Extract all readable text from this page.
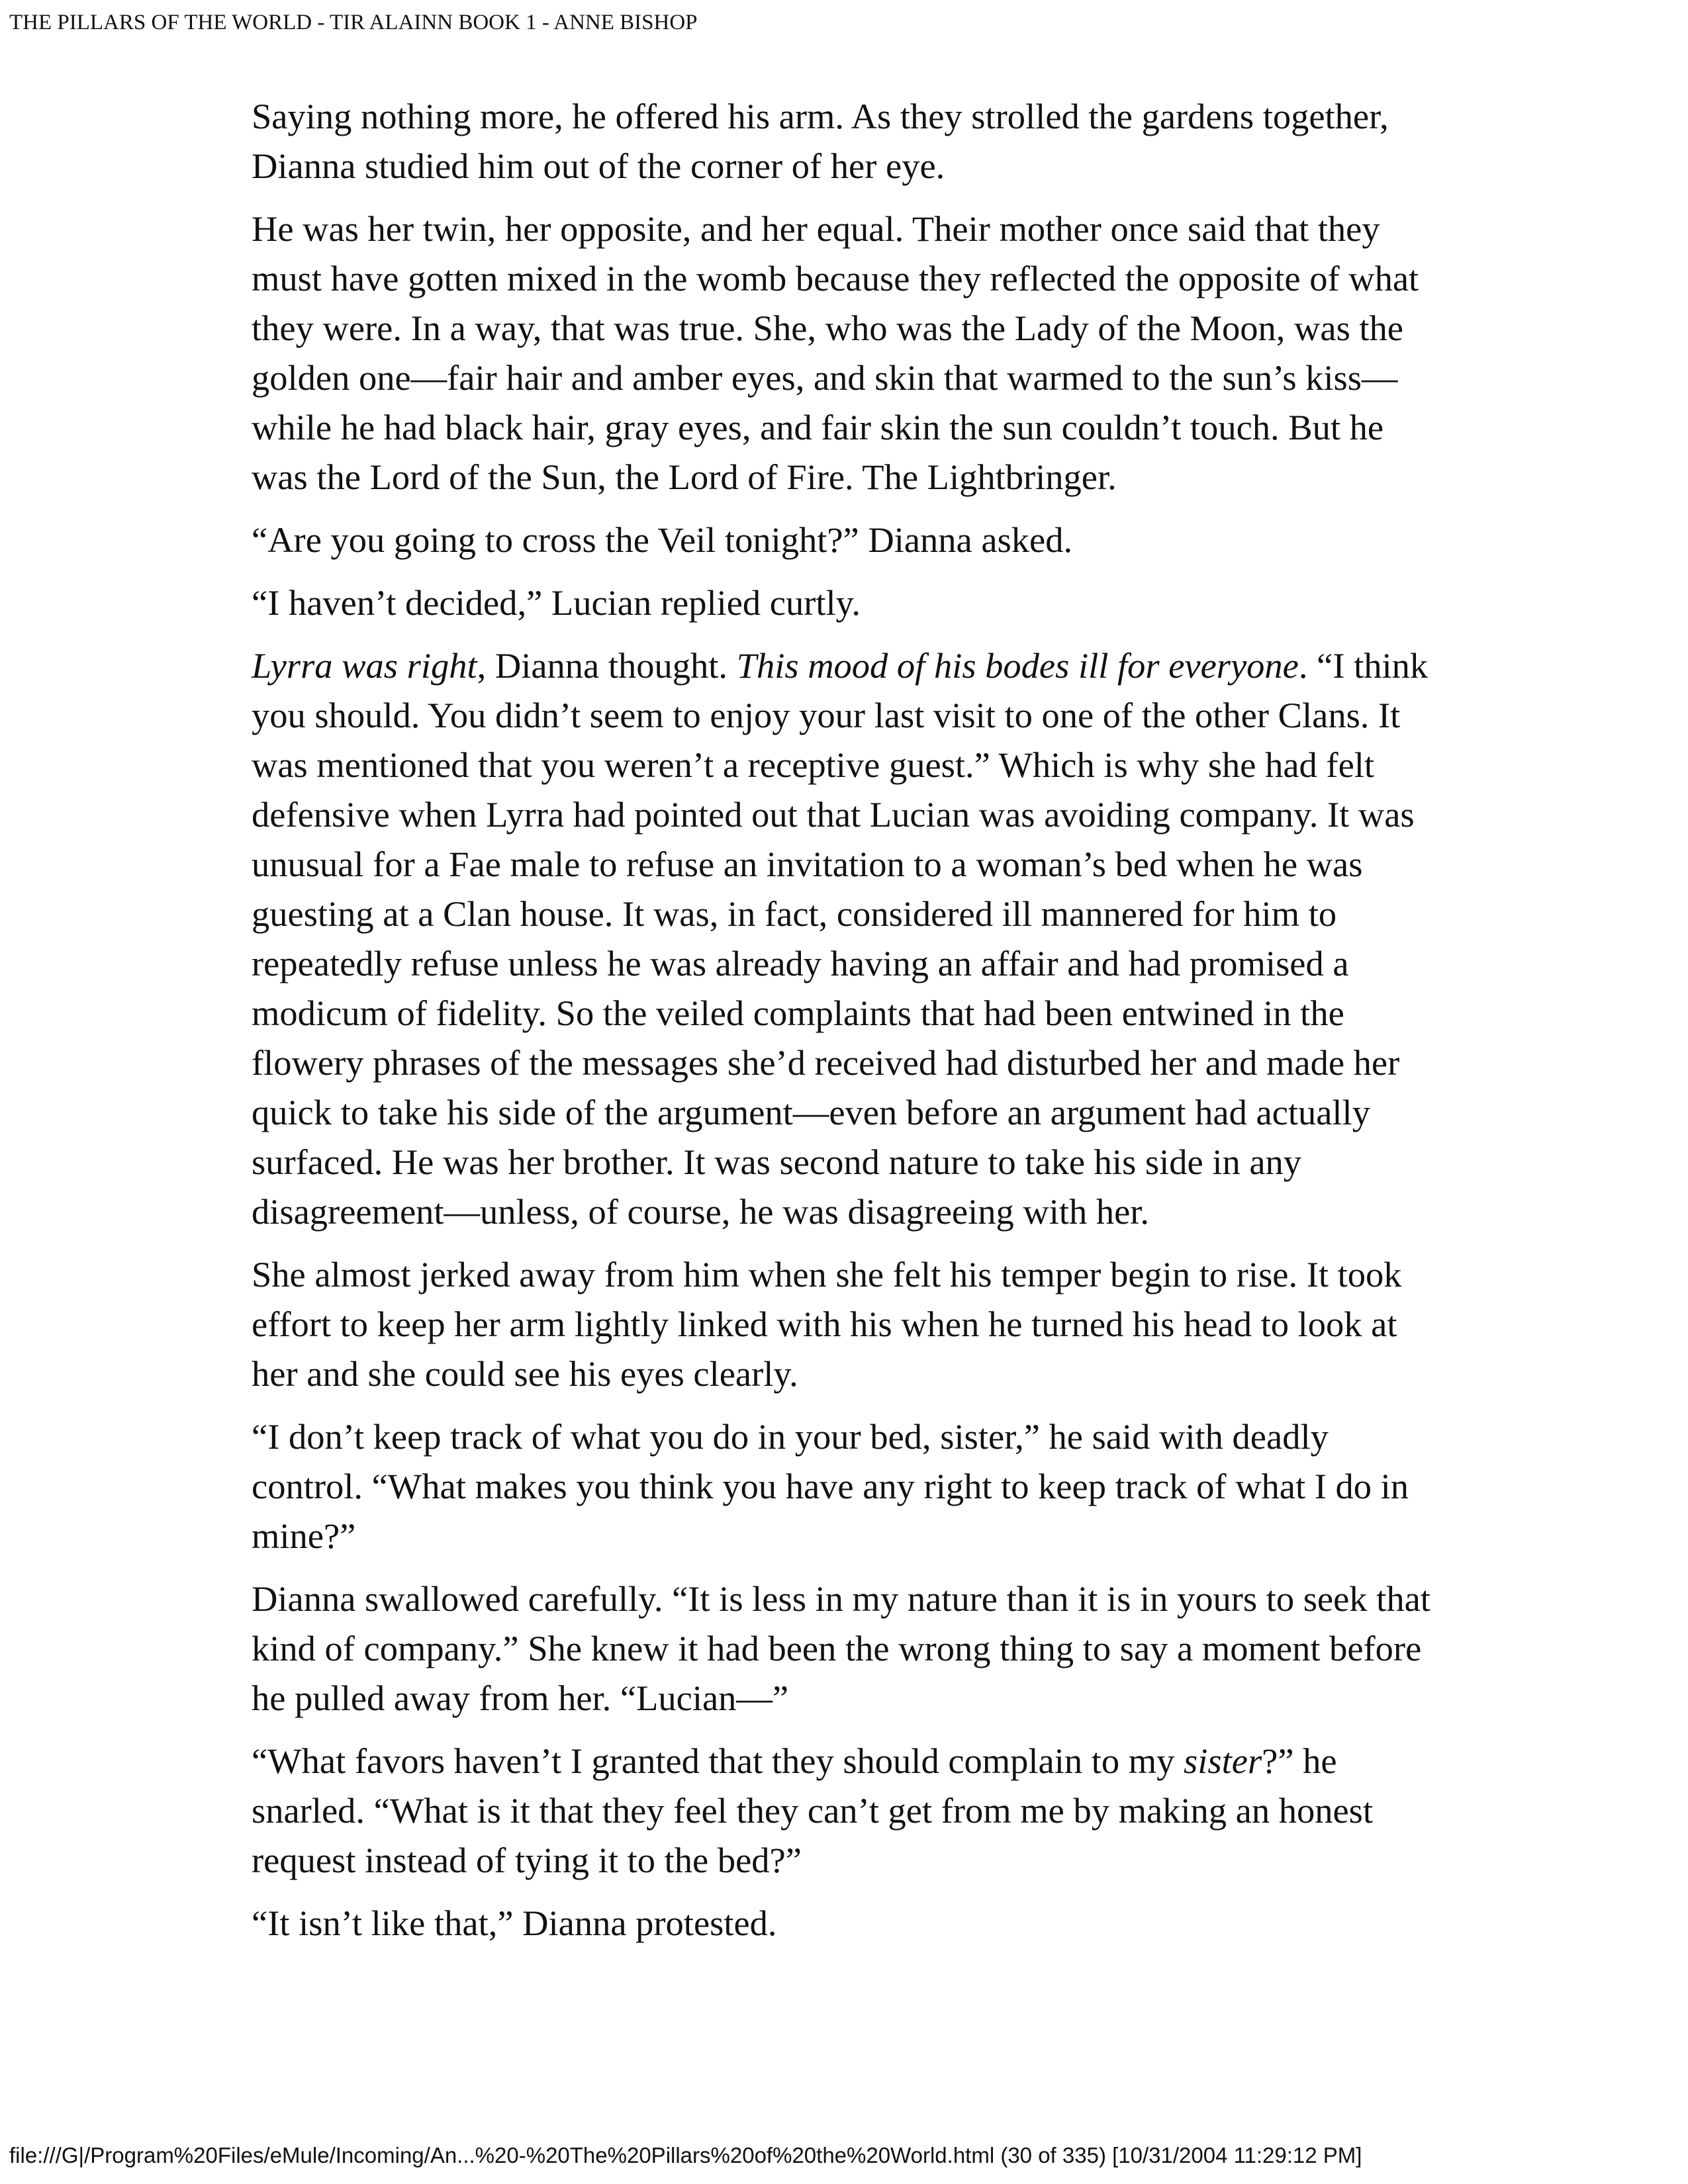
THE PILLARS OF THE WORLD - TIR ALAINN BOOK 1 - ANNE BISHOP

Saying nothing more, he offered his arm. As they strolled the gardens together, Dianna studied him out of the corner of her eye.

He was her twin, her opposite, and her equal. Their mother once said that they must have gotten mixed in the womb because they reflected the opposite of what they were. In a way, that was true. She, who was the Lady of the Moon, was the golden one—fair hair and amber eyes, and skin that warmed to the sun’s kiss— while he had black hair, gray eyes, and fair skin the sun couldn’t touch. But he was the Lord of the Sun, the Lord of Fire. The Lightbringer.

“Are you going to cross the Veil tonight?” Dianna asked.

“I haven’t decided,” Lucian replied curtly.

Lyrra was right, Dianna thought. This mood of his bodes ill for everyone. “I think you should. You didn’t seem to enjoy your last visit to one of the other Clans. It was mentioned that you weren’t a receptive guest.” Which is why she had felt defensive when Lyrra had pointed out that Lucian was avoiding company. It was unusual for a Fae male to refuse an invitation to a woman’s bed when he was guesting at a Clan house. It was, in fact, considered ill mannered for him to repeatedly refuse unless he was already having an affair and had promised a modicum of fidelity. So the veiled complaints that had been entwined in the flowery phrases of the messages she’d received had disturbed her and made her quick to take his side of the argument—even before an argument had actually surfaced. He was her brother. It was second nature to take his side in any disagreement—unless, of course, he was disagreeing with her.

She almost jerked away from him when she felt his temper begin to rise. It took effort to keep her arm lightly linked with his when he turned his head to look at her and she could see his eyes clearly.

“I don’t keep track of what you do in your bed, sister,” he said with deadly control. “What makes you think you have any right to keep track of what I do in mine?”

Dianna swallowed carefully. “It is less in my nature than it is in yours to seek that kind of company.” She knew it had been the wrong thing to say a moment before he pulled away from her. “Lucian—”

“What favors haven’t I granted that they should complain to my sister?” he snarled. “What is it that they feel they can’t get from me by making an honest request instead of tying it to the bed?”

“It isn’t like that,” Dianna protested.

file:///G|/Program%20Files/eMule/Incoming/An...%20-%20The%20Pillars%20of%20the%20World.html (30 of 335) [10/31/2004 11:29:12 PM]
